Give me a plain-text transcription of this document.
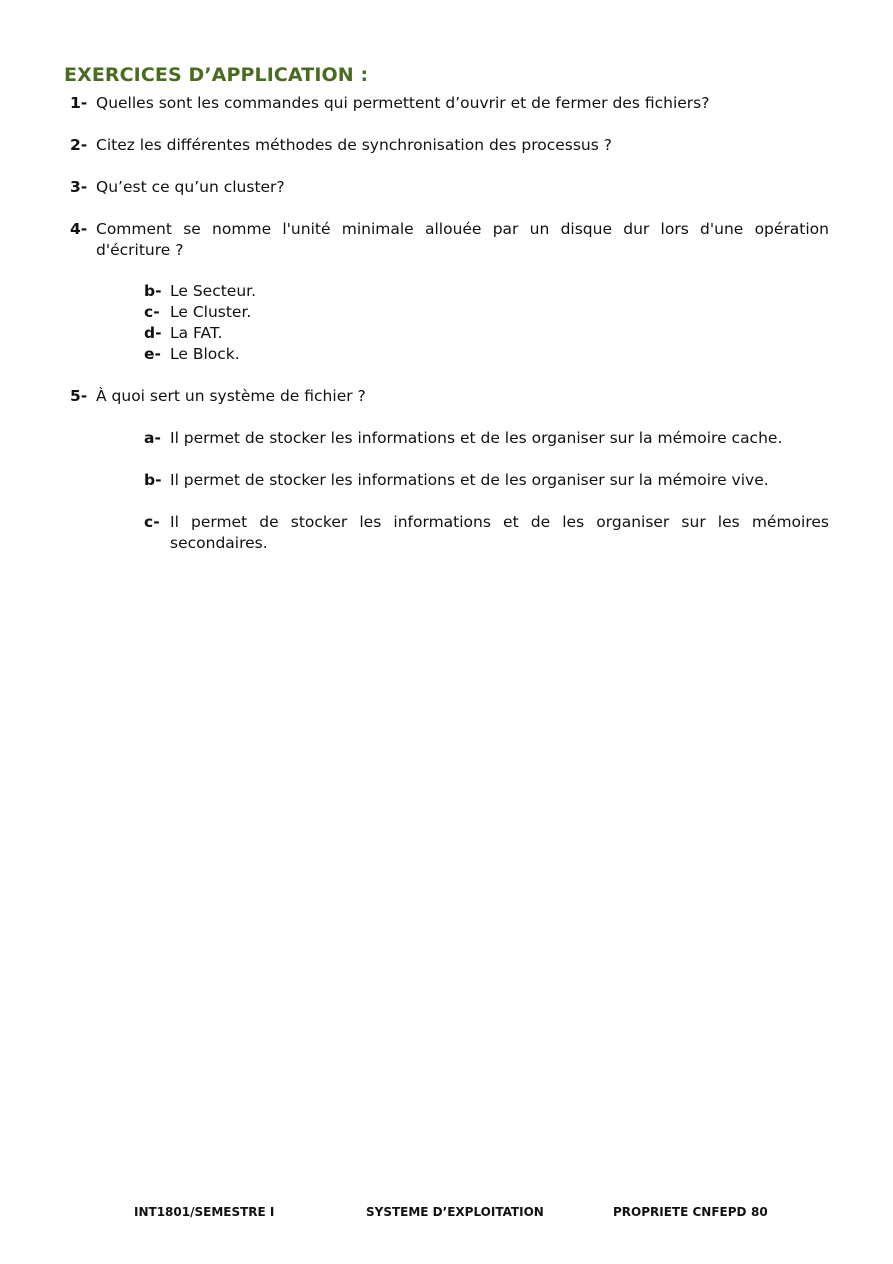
EXERCICES D’APPLICATION :
1- Quelles sont les commandes qui permettent d’ouvrir et de fermer des fichiers?
2- Citez les différentes méthodes de synchronisation des processus ?
3- Qu’est ce qu’un cluster?
4- Comment se nomme l'unité minimale allouée par un disque dur lors d'une opération d'écriture ?
b- Le Secteur.
c- Le Cluster.
d- La FAT.
e- Le Block.
5- À quoi sert un système de fichier ?
a- Il permet de stocker les informations et de les organiser sur la mémoire cache.
b- Il permet de stocker les informations et de les organiser sur la mémoire vive.
c- Il permet de stocker les informations et de les organiser sur les mémoires secondaires.
INT1801/SEMESTRE I	SYSTEME D’EXPLOITATION	PROPRIETE CNFEPD 80
